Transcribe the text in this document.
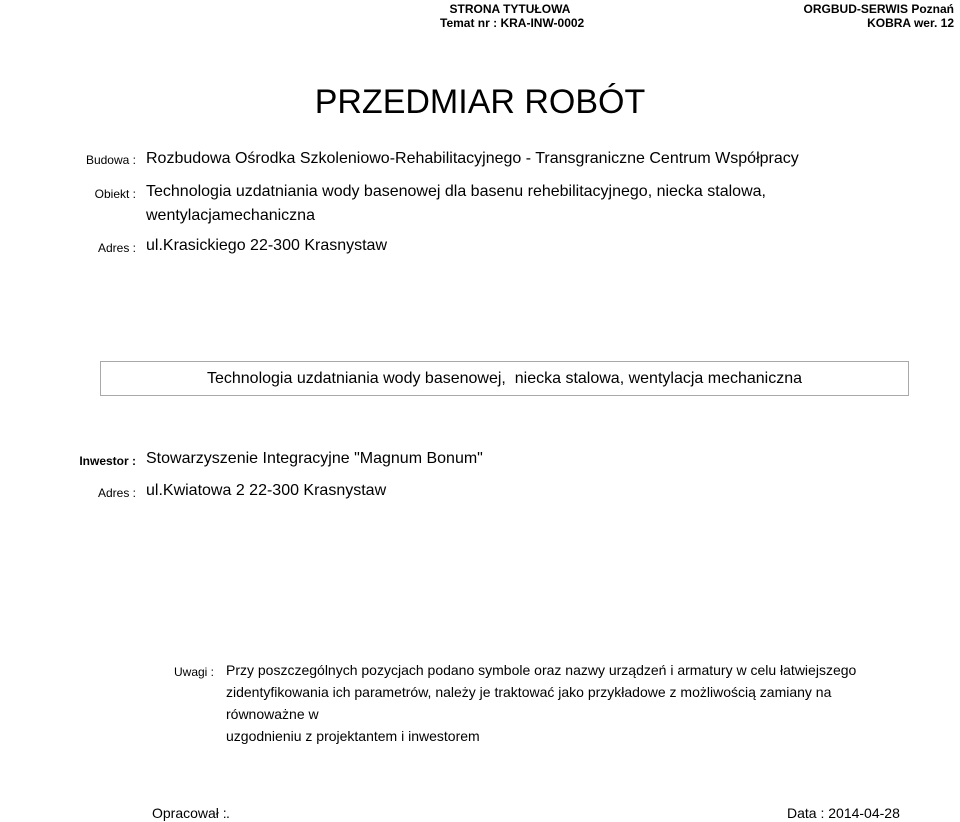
STRONA TYTUŁOWA
Temat nr : KRA-INW-0002
ORGBUD-SERWIS Poznań
KOBRA wer. 12
PRZEDMIAR ROBÓT
Budowa : Rozbudowa Ośrodka Szkoleniowo-Rehabilitacyjnego - Transgraniczne Centrum Współpracy
Obiekt : Technologia uzdatniania wody basenowej dla basenu rehebilitacyjnego, niecka stalowa,
wentylacjamechaniczna
Adres : ul.Krasickiego 22-300 Krasnystaw
Technologia uzdatniania wody basenowej,  niecka stalowa, wentylacja mechaniczna
Inwestor : Stowarzyszenie Integracyjne "Magnum Bonum"
Adres : ul.Kwiatowa 2 22-300 Krasnystaw
Uwagi : Przy poszczególnych pozycjach podano symbole oraz nazwy urządzeń i armatury w celu łatwiejszego
zidentyfikowania ich parametrów, należy je traktować jako przykładowe z możliwością zamiany na równoważne w
uzgodnieniu z projektantem i inwestorem
Opracował : .	Data : 2014-04-28
